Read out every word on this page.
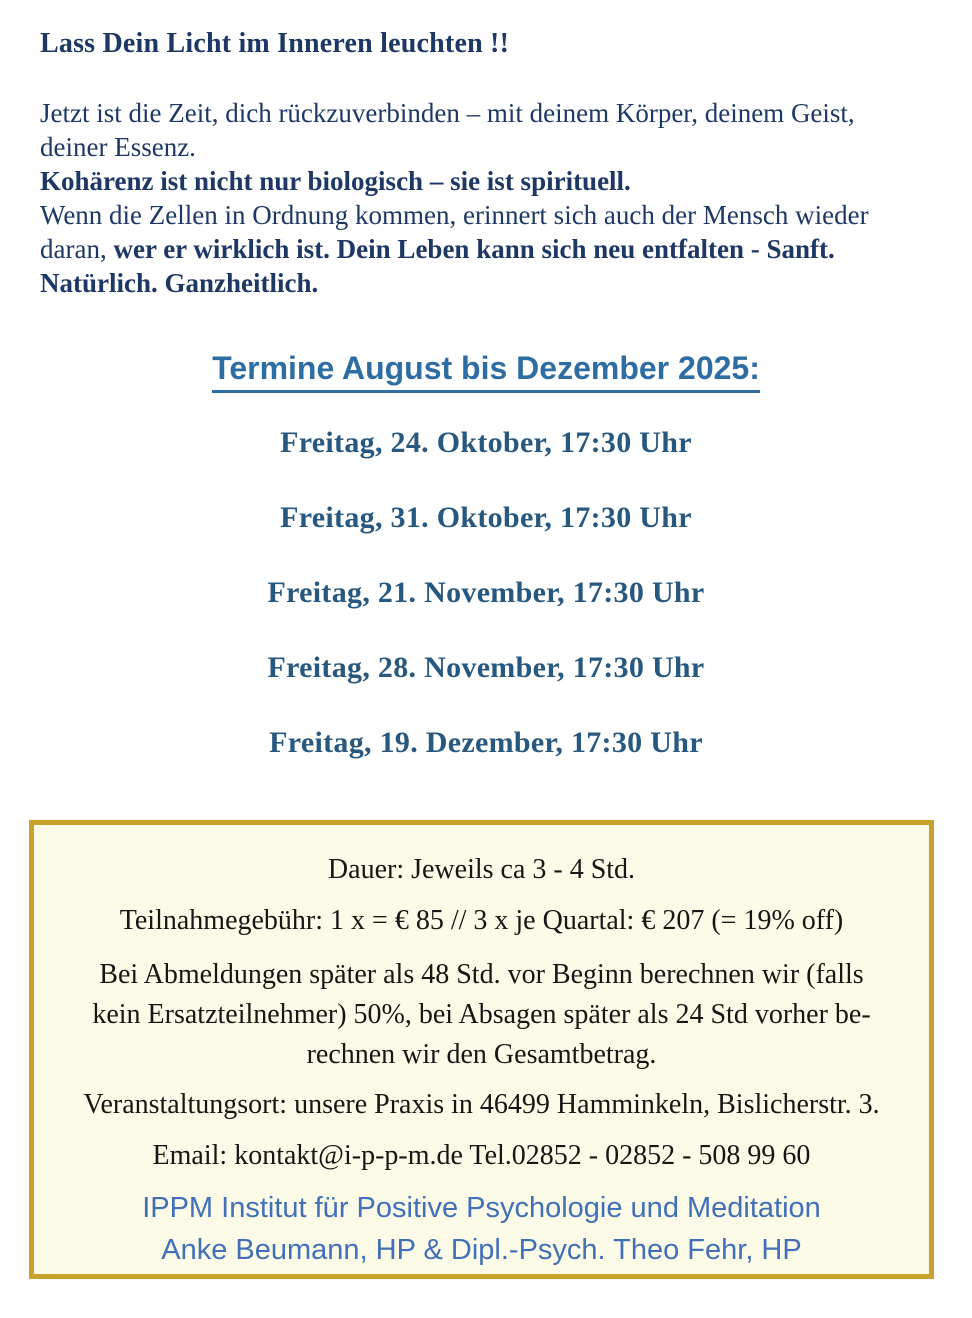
Lass Dein Licht im Inneren leuchten !!
Jetzt ist die Zeit, dich rückzuverbinden – mit deinem Körper, deinem Geist,
deiner Essenz.
Kohärenz ist nicht nur biologisch – sie ist spirituell.
Wenn die Zellen in Ordnung kommen, erinnert sich auch der Mensch wieder
daran, wer er wirklich ist. Dein Leben kann sich neu entfalten - Sanft.
Natürlich. Ganzheitlich.
Termine August bis Dezember 2025:
Freitag, 24. Oktober, 17:30 Uhr
Freitag, 31. Oktober, 17:30 Uhr
Freitag, 21. November, 17:30 Uhr
Freitag, 28. November, 17:30 Uhr
Freitag, 19. Dezember, 17:30 Uhr

Dauer: Jeweils ca 3 - 4 Std.

Teilnahmegebühr: 1 x = € 85 // 3 x je Quartal: € 207 (= 19% off)

Bei Abmeldungen später als 48 Std. vor Beginn berechnen wir (falls
kein Ersatzteilnehmer) 50%, bei Absagen später als 24 Std vorher be-
rechnen wir den Gesamtbetrag.

Veranstaltungsort: unsere Praxis in 46499 Hamminkeln, Bislicherstr. 3.

Email: kontakt@i-p-p-m.de Tel.02852 - 02852 - 508 99 60

IPPM Institut für Positive Psychologie und Meditation

Anke Beumann, HP & Dipl.-Psych. Theo Fehr, HP
